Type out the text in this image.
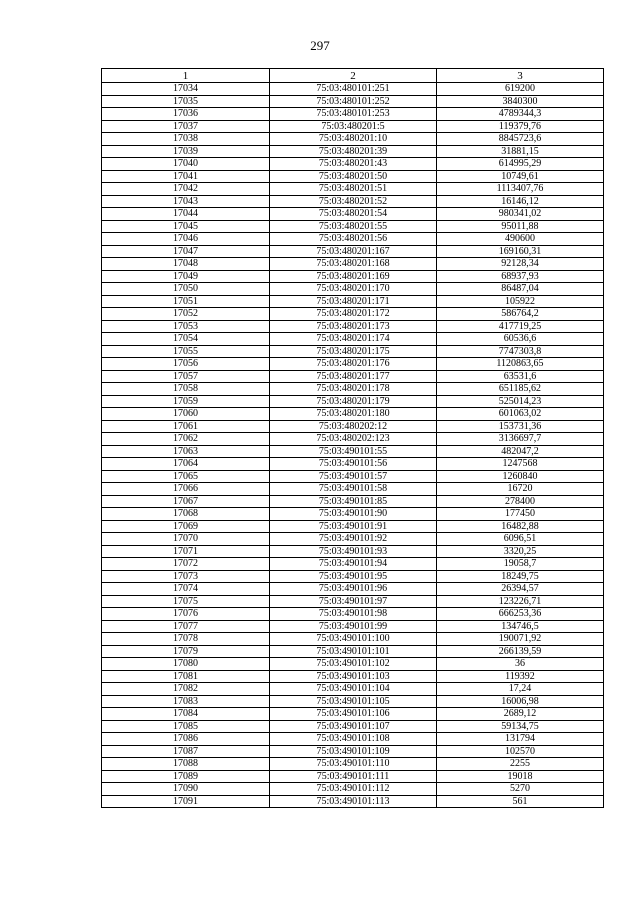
297
1	2	3
17034	75:03:480101:251	619200
17035	75:03:480101:252	3840300
17036	75:03:480101:253	4789344,3
17037	75:03:480201:5	119379,76
17038	75:03:480201:10	8845723,6
17039	75:03:480201:39	31881,15
17040	75:03:480201:43	614995,29
17041	75:03:480201:50	10749,61
17042	75:03:480201:51	1113407,76
17043	75:03:480201:52	16146,12
17044	75:03:480201:54	980341,02
17045	75:03:480201:55	95011,88
17046	75:03:480201:56	490600
17047	75:03:480201:167	169160,31
17048	75:03:480201:168	92128,34
17049	75:03:480201:169	68937,93
17050	75:03:480201:170	86487,04
17051	75:03:480201:171	105922
17052	75:03:480201:172	586764,2
17053	75:03:480201:173	417719,25
17054	75:03:480201:174	60536,6
17055	75:03:480201:175	7747303,8
17056	75:03:480201:176	1120863,65
17057	75:03:480201:177	63531,6
17058	75:03:480201:178	651185,62
17059	75:03:480201:179	525014,23
17060	75:03:480201:180	601063,02
17061	75:03:480202:12	153731,36
17062	75:03:480202:123	3136697,7
17063	75:03:490101:55	482047,2
17064	75:03:490101:56	1247568
17065	75:03:490101:57	1260840
17066	75:03:490101:58	16720
17067	75:03:490101:85	278400
17068	75:03:490101:90	177450
17069	75:03:490101:91	16482,88
17070	75:03:490101:92	6096,51
17071	75:03:490101:93	3320,25
17072	75:03:490101:94	19058,7
17073	75:03:490101:95	18249,75
17074	75:03:490101:96	26394,57
17075	75:03:490101:97	123226,71
17076	75:03:490101:98	666253,36
17077	75:03:490101:99	134746,5
17078	75:03:490101:100	190071,92
17079	75:03:490101:101	266139,59
17080	75:03:490101:102	36
17081	75:03:490101:103	119392
17082	75:03:490101:104	17,24
17083	75:03:490101:105	16006,98
17084	75:03:490101:106	2689,12
17085	75:03:490101:107	59134,75
17086	75:03:490101:108	131794
17087	75:03:490101:109	102570
17088	75:03:490101:110	2255
17089	75:03:490101:111	19018
17090	75:03:490101:112	5270
17091	75:03:490101:113	561
